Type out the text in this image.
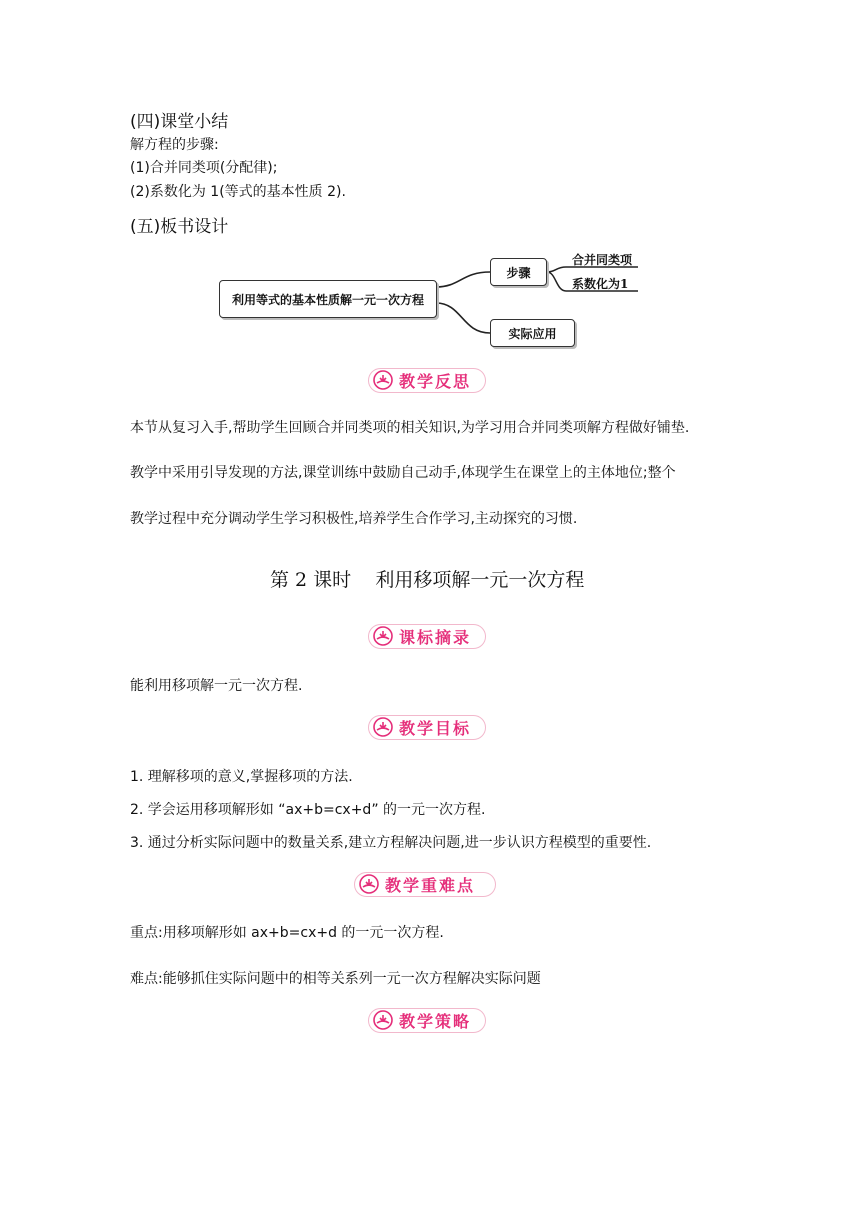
(四)课堂小结
解方程的步骤:
(1)合并同类项(分配律);
(2)系数化为 1(等式的基本性质 2).
(五)板书设计
利用等式的基本性质解一元一次方程
步骤
实际应用
合并同类项
系数化为1
教学反思
本节从复习入手,帮助学生回顾合并同类项的相关知识,为学习用合并同类项解方程做好铺垫.
教学中采用引导发现的方法,课堂训练中鼓励自己动手,体现学生在课堂上的主体地位;整个
教学过程中充分调动学生学习积极性,培养学生合作学习,主动探究的习惯.
第 2 课时    利用移项解一元一次方程
课标摘录
能利用移项解一元一次方程.
教学目标
1. 理解移项的意义,掌握移项的方法.
2. 学会运用移项解形如 “ax+b=cx+d” 的一元一次方程.
3. 通过分析实际问题中的数量关系,建立方程解决问题,进一步认识方程模型的重要性.
教学重难点
重点:用移项解形如 ax+b=cx+d 的一元一次方程.
难点:能够抓住实际问题中的相等关系列一元一次方程解决实际问题
教学策略
